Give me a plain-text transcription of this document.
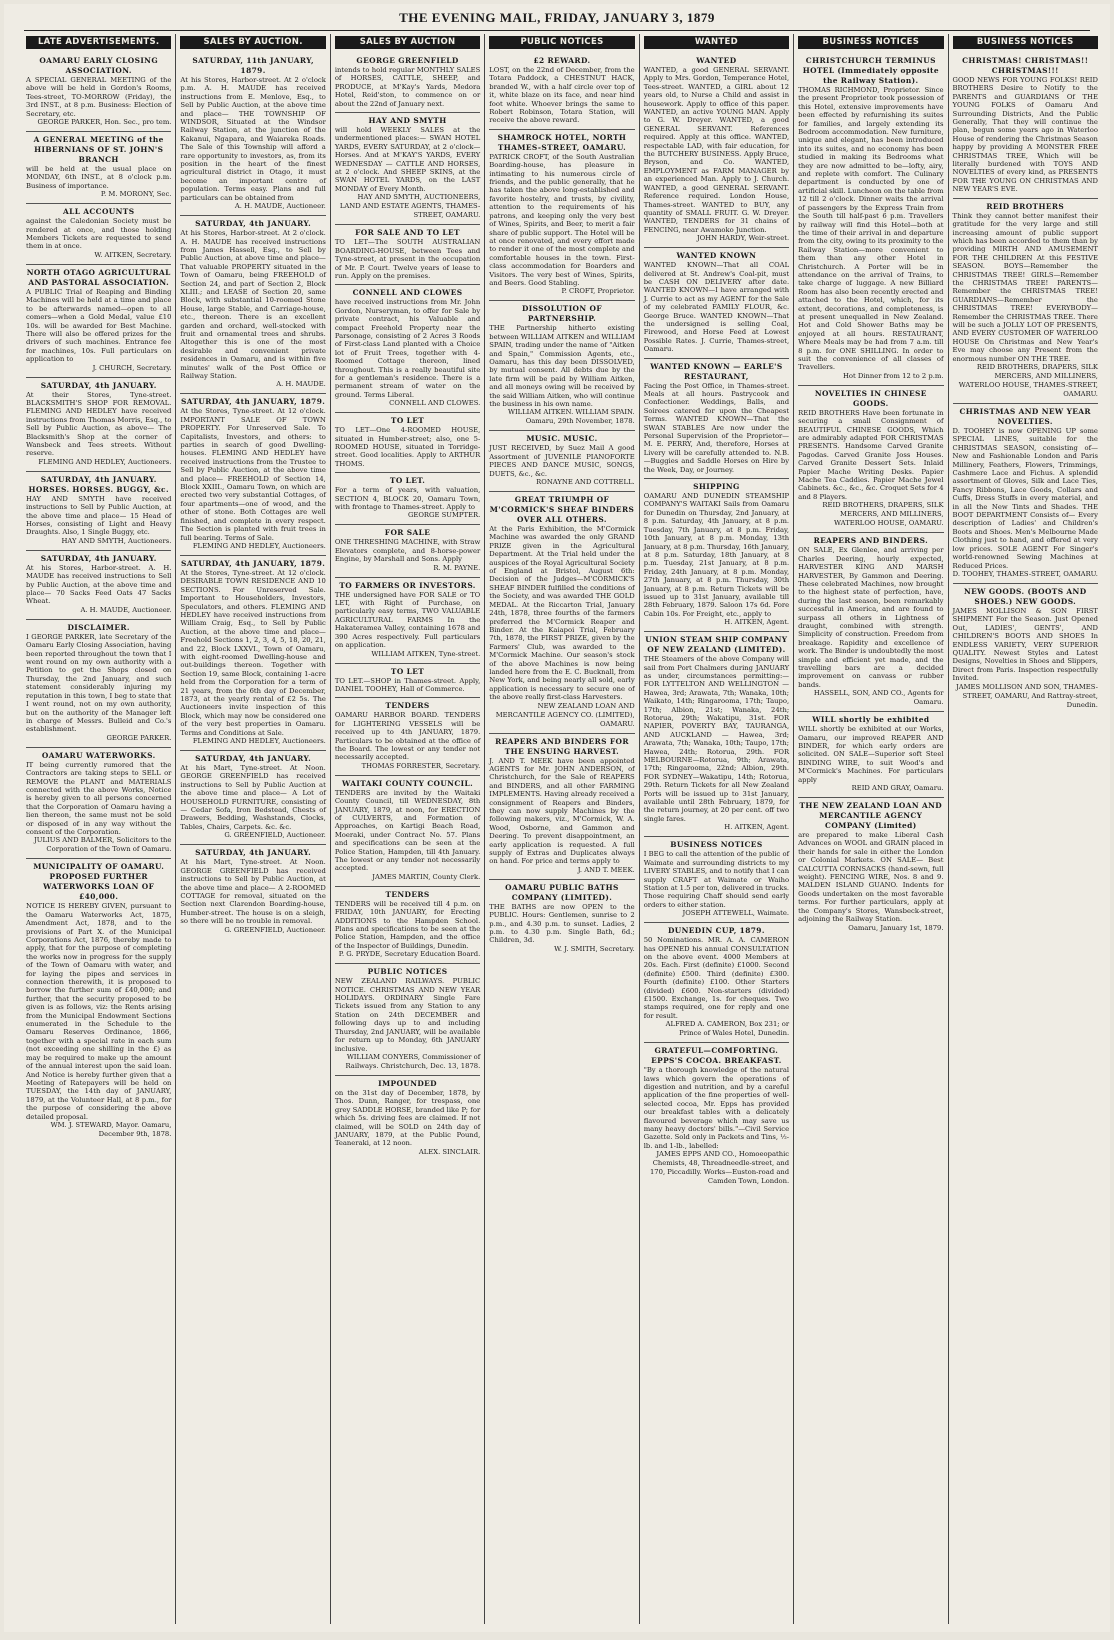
THE EVENING MAIL, FRIDAY, JANUARY 3, 1879
LATE ADVERTISEMENTS.
OAMARU EARLY CLOSING ASSOCIATION.
A SPECIAL GENERAL MEETING of the above will be held in Gordon's Rooms, Tees-street, TO-MORROW (Friday), the 3rd INST., at 8 p.m. Business: Election of Secretary, etc.
GEORGE PARKER, Hon. Sec., pro tem.
A GENERAL MEETING of the HIBERNIANS OF ST. JOHN'S BRANCH
will be held at the usual place on MONDAY, 6th INST., at 8 o'clock p.m. Business of importance.
P. M. MORONY, Sec.
ALL ACCOUNTS
against the Caledonian Society must be rendered at once, and those holding Members Tickets are requested to send them in at once.
W. AITKEN, Secretary.
NORTH OTAGO AGRICULTURAL AND PASTORAL ASSOCIATION.
A PUBLIC Trial of Reaping and Binding Machines will be held at a time and place to be afterwards named—open to all comers—when a Gold Medal, value £10 10s. will be awarded for Best Machine. There will also be offered prizes for the drivers of such machines. Entrance fee for machines, 10s. Full particulars on application to
J. CHURCH, Secretary.
SATURDAY, 4th JANUARY.
At their Stores, Tyne-street. BLACKSMITH'S SHOP FOR REMOVAL. FLEMING AND HEDLEY have received instructions from Thomas Morris, Esq., to Sell by Public Auction, as above— The Blacksmith's Shop at the corner of Wansbeck and Tees streets. Without reserve.
FLEMING AND HEDLEY, Auctioneers.
SATURDAY, 4th JANUARY. HORSES. HORSES. BUGGY, &c.
HAY AND SMYTH have received instructions to Sell by Public Auction, at the above time and place— 15 Head of Horses, consisting of Light and Heavy Draughts. Also, 1 Single Buggy, etc.
HAY AND SMYTH, Auctioneers.
SATURDAY, 4th JANUARY.
At his Stores, Harbor-street. A. H. MAUDE has received instructions to Sell by Public Auction, at the above time and place— 70 Sacks Feed Oats 47 Sacks Wheat.
A. H. MAUDE, Auctioneer.
DISCLAIMER.
I GEORGE PARKER, late Secretary of the Oamaru Early Closing Association, having been reported throughout the town that I went round on my own authority with a Petition to get the Shops closed on Thursday, the 2nd January, and such statement considerably injuring my reputation in this town, I beg to state that I went round, not on my own authority, but on the authority of the Manager left in charge of Messrs. Bulleid and Co.'s establishment.
GEORGE PARKER.
OAMARU WATERWORKS.
IT being currently rumored that the Contractors are taking steps to SELL or REMOVE the PLANT and MATERIALS connected with the above Works, Notice is hereby given to all persons concerned that the Corporation of Oamaru having a lien thereon, the same must not be sold or disposed of in any way without the consent of the Corporation.
JULIUS AND BALMER, Solicitors to the Corporation of the Town of Oamaru.
MUNICIPALITY OF OAMARU. PROPOSED FURTHER WATERWORKS LOAN OF £40,000.
NOTICE IS HEREBY GIVEN, pursuant to the Oamaru Waterworks Act, 1875, Amendment Act, 1878, and to the provisions of Part X. of the Municipal Corporations Act, 1876, thereby made to apply, that for the purpose of completing the works now in progress for the supply of the Town of Oamaru with water, and for laying the pipes and services in connection therewith, it is proposed to borrow the further sum of £40,000; and further, that the security proposed to be given is as follows, viz: the Rents arising from the Municipal Endowment Sections enumerated in the Schedule to the Oamaru Reserves Ordinance, 1866, together with a special rate in each sum (not exceeding one shilling in the £) as may be required to make up the amount of the annual interest upon the said loan. And Notice is hereby further given that a Meeting of Ratepayers will be held on TUESDAY, the 14th day of JANUARY, 1879, at the Volunteer Hall, at 8 p.m., for the purpose of considering the above detailed proposal.
WM. J. STEWARD, Mayor. Oamaru, December 9th, 1878.
SALES BY AUCTION.
SATURDAY, 11th JANUARY, 1879.
At his Stores, Harbor-street. At 2 o'clock p.m. A. H. MAUDE has received instructions from E. Menlove, Esq., to Sell by Public Auction, at the above time and place— THE TOWNSHIP OF WINDSOR, Situated at the Windsor Railway Station, at the junction of the Kakanui, Ngapara, and Waiareka Roads. The Sale of this Township will afford a rare opportunity to investors, as, from its position in the heart of the finest agricultural district in Otago, it must become an important centre of population. Terms easy. Plans and full particulars can be obtained from
A. H. MAUDE, Auctioneer.
SATURDAY, 4th JANUARY.
At his Stores, Harbor-street. At 2 o'clock. A. H. MAUDE has received instructions from James Hassell, Esq., to Sell by Public Auction, at above time and place— That valuable PROPERTY situated in the Town of Oamaru, being FREEHOLD of Section 24, and part of Section 2, Block XLIII.; and LEASE of Section 20, same Block, with substantial 10-roomed Stone House, large Stable, and Carriage-house, etc., thereon. There is an excellent garden and orchard, well-stocked with fruit and ornamental trees and shrubs. Altogether this is one of the most desirable and convenient private residences in Oamaru, and is within five minutes' walk of the Post Office or Railway Station.
A. H. MAUDE.
SATURDAY, 4th JANUARY, 1879.
At the Stores, Tyne-street. At 12 o'clock. IMPORTANT SALE OF TOWN PROPERTY. For Unreserved Sale. To Capitalists, Investors, and others: to parties in search of good Dwelling-houses. FLEMING AND HEDLEY have received instructions from the Trustee to Sell by Public Auction, at the above time and place— FREEHOLD of Section 14, Block XXIII., Oamaru Town, on which are erected two very substantial Cottages, of four apartments—one of wood, and the other of stone. Both Cottages are well finished, and complete in every respect. The Section is planted with fruit trees in full bearing. Terms of Sale.
FLEMING AND HEDLEY, Auctioneers.
SATURDAY, 4th JANUARY, 1879.
At the Stores, Tyne-street. At 12 o'clock. DESIRABLE TOWN RESIDENCE AND 10 SECTIONS. For Unreserved Sale. Important to Householders, Investors, Speculators, and others. FLEMING AND HEDLEY have received instructions from William Craig, Esq., to Sell by Public Auction, at the above time and place— Freehold Sections 1, 2, 3, 4, 5, 18, 20, 21, and 22, Block LXXVI., Town of Oamaru, with eight-roomed Dwelling-house and out-buildings thereon. Together with Section 19, same Block, containing 1-acre held from the Corporation for a term of 21 years, from the 6th day of December, 1873, at the yearly rental of £2 5s. The Auctioneers invite inspection of this Block, which may now be considered one of the very best properties in Oamaru. Terms and Conditions at Sale.
FLEMING AND HEDLEY, Auctioneers.
SATURDAY, 4th JANUARY.
At his Mart, Tyne-street. At Noon. GEORGE GREENFIELD has received instructions to Sell by Public Auction at the above time and place— A Lot of HOUSEHOLD FURNITURE, consisting of— Cedar Sofa, Iron Bedstead, Chests of Drawers, Bedding, Washstands, Clocks, Tables, Chairs, Carpets. &c. &c.
G. GREENFIELD, Auctioneer.
SATURDAY, 4th JANUARY.
At his Mart, Tyne-street. At Noon. GEORGE GREENFIELD has received instructions to Sell by Public Auction, at the above time and place— A 2-ROOMED COTTAGE for removal, situated on the Section next Clarendon Boarding-house, Humber-street. The house is on a sleigh, so there will be no trouble in removal.
G. GREENFIELD, Auctioneer.
SALES BY AUCTION
GEORGE GREENFIELD
intends to hold regular MONTHLY SALES of HORSES, CATTLE, SHEEP, and PRODUCE, at M'Kay's Yards, Medora Hotel, Reid'ston, to commence on or about the 22nd of January next.
HAY AND SMYTH
will hold WEEKLY SALES at the undermentioned places:— SWAN HOTEL YARDS, EVERY SATURDAY, at 2 o'clock—Horses. And at M'KAY'S YARDS, EVERY WEDNESDAY — CATTLE AND HORSES, at 2 o'clock. And SHEEP SKINS, at the SWAN HOTEL YARDS, on the LAST MONDAY of Every Month.
HAY AND SMYTH, AUCTIONEERS, LAND AND ESTATE AGENTS, THAMES-STREET, OAMARU.
FOR SALE AND TO LET
TO LET—The SOUTH AUSTRALIAN BOARDING-HOUSE, between Tees and Tyne-street, at present in the occupation of Mr. P. Court. Twelve years of lease to run. Apply on the premises.
CONNELL AND CLOWES
have received instructions from Mr. John Gordon, Nurseryman, to offer for Sale by private contract, his Valuable and compact Freehold Property near the Parsonage, consisting of 2 Acres 3 Roods of First-class Land planted with a Choice lot of Fruit Trees, together with 4-Roomed Cottage thereon, lined throughout. This is a really beautiful site for a gentleman's residence. There is a permanent stream of water on the ground. Terms Liberal.
CONNELL AND CLOWES.
TO LET
TO LET—One 4-ROOMED HOUSE, situated in Humber-street; also, one 5-ROOMED HOUSE, situated in Torridge-street. Good localities. Apply to ARTHUR THOMS.
TO LET.
For a term of years, with valuation, SECTION 4, BLOCK 20, Oamaru Town, with frontage to Thames-street. Apply to
GEORGE SUMPTER.
FOR SALE
ONE THRESHING MACHINE, with Straw Elevators complete, and 8-horse-power Engine, by Marshall and Sons. Apply
R. M. PAYNE.
TO FARMERS OR INVESTORS.
THE undersigned have FOR SALE or TO LET, with Right of Purchase, on particularly easy terms, TWO VALUABLE AGRICULTURAL FARMS In the Hakateramea Valley, containing 1678 and 390 Acres respectively. Full particulars on application.
WILLIAM AITKEN, Tyne-street.
TO LET
TO LET.—SHOP in Thames-street. Apply, DANIEL TOOHEY, Hall of Commerce.
TENDERS
OAMARU HARBOR BOARD. TENDERS for LIGHTERING VESSELS will be received up to 4th JANUARY, 1879. Particulars to be obtained at the office of the Board. The lowest or any tender not necessarily accepted.
THOMAS FORRESTER, Secretary.
WAITAKI COUNTY COUNCIL.
TENDERS are invited by the Waitaki County Council, till WEDNESDAY, 8th JANUARY, 1879, at noon, for ERECTION of CULVERTS, and Formation of Approaches, on Kartigi Beach Road, Moeraki, under Contract No. 57. Plans and specifications can be seen at the Police Station, Hampden, till 4th January. The lowest or any tender not necessarily accepted.
JAMES MARTIN, County Clerk.
TENDERS
TENDERS will be received till 4 p.m. on FRIDAY, 10th JANUARY, for Erecting ADDITIONS to the Hampden School. Plans and specifications to be seen at the Police Station, Hampden, and the office of the Inspector of Buildings, Dunedin.
P. G. PRYDE, Secretary Education Board.
PUBLIC NOTICES
NEW ZEALAND RAILWAYS. PUBLIC NOTICE. CHRISTMAS AND NEW YEAR HOLIDAYS. ORDINARY Single Fare Tickets issued from any Station to any Station on 24th DECEMBER and following days up to and including Thursday, 2nd JANUARY, will be available for return up to Monday, 6th JANUARY inclusive.
WILLIAM CONYERS, Commissioner of Railways. Christchurch, Dec. 13, 1878.
IMPOUNDED
on the 31st day of December, 1878, by Thos. Dunn, Ranger, for trespass, one grey SADDLE HORSE, branded like P; for which 5s. driving fees are claimed. If not claimed, will be SOLD on 24th day of JANUARY, 1879, at the Public Pound, Teaneraki, at 12 noon.
ALEX. SINCLAIR.
PUBLIC NOTICES
£2 REWARD.
LOST, on the 22nd of December, from the Totara Paddock, a CHESTNUT HACK, branded W., with a half circle over top of it, white blaze on its face, and near hind foot white. Whoever brings the same to Robert Robinson, Totara Station, will receive the above reward.
SHAMROCK HOTEL, NORTH THAMES-STREET, OAMARU.
PATRICK CROFT, of the South Australian Boarding-house, has pleasure in intimating to his numerous circle of friends, and the public generally, that he has taken the above long-established and favorite hostelry, and trusts, by civility, attention to the requirements of his patrons, and keeping only the very best of Wines, Spirits, and Beer, to merit a fair share of public support. The Hotel will be at once renovated, and every effort made to render it one of the most complete and comfortable houses in the town. First-class accommodation for Boarders and Visitors. The very best of Wines, Spirits, and Beers. Good Stabling.
P. CROFT, Proprietor.
DISSOLUTION OF PARTNERSHIP.
THE Partnership hitherto existing between WILLIAM AITKEN and WILLIAM SPAIN, trading under the name of "Aitken and Spain," Commission Agents, etc., Oamaru, has this day been DISSOLVED, by mutual consent. All debts due by the late firm will be paid by William Aitken, and all moneys owing will be received by the said William Aitken, who will continue the business in his own name.
WILLIAM AITKEN. WILLIAM SPAIN. Oamaru, 29th November, 1878.
MUSIC. MUSIC.
JUST RECEIVED, by Suez Mail A good Assortment of JUVENILE PIANOFORTE PIECES AND DANCE MUSIC, SONGS, DUETS, &c., &c.
RONAYNE AND COTTRELL.
GREAT TRIUMPH OF M'CORMICK'S SHEAF BINDERS OVER ALL OTHERS.
At the Paris Exhibition, the M'Cormick Machine was awarded the only GRAND PRIZE given in the Agricultural Department. At the Trial held under the auspices of the Royal Agricultural Society of England at Bristol, August 6th: Decision of the Judges—M'CORMICK'S SHEAF BINDER fulfilled the conditions of the Society, and was awarded THE GOLD MEDAL. At the Riccarton Trial, January 24th, 1878, three fourths of the farmers preferred the M'Cormick Reaper and Binder. At the Kaiapoi Trial, February 7th, 1878, the FIRST PRIZE, given by the Farmers' Club, was awarded to the M'Cormick Machine. Our season's stock of the above Machines is now being landed here from the E. C. Bucknall, from New York, and being nearly all sold, early application is necessary to secure one of the above really first-class Harvesters.
NEW ZEALAND LOAN AND MERCANTILE AGENCY CO. (LIMITED), OAMARU.
REAPERS AND BINDERS FOR THE ENSUING HARVEST.
J. AND T. MEEK have been appointed AGENTS for Mr. JOHN ANDERSON, of Christchurch, for the Sale of REAPERS and BINDERS, and all other FARMING IMPLEMENTS. Having already received a consignment of Reapers and Binders, they can now supply Machines by the following makers, viz., M'Cormick, W. A. Wood, Osborne, and Gammon and Deering. To prevent disappointment, an early application is requested. A full supply of Extras and Duplicates always on hand. For price and terms apply to
J. AND T. MEEK.
OAMARU PUBLIC BATHS COMPANY (LIMITED).
THE BATHS are now OPEN to the PUBLIC. Hours: Gentlemen, sunrise to 2 p.m., and 4.30 p.m. to sunset. Ladies, 2 p.m. to 4.30 p.m. Single Bath, 6d.; Children, 3d.
W. J. SMITH, Secretary.
WANTED
WANTED
WANTED, a good GENERAL SERVANT. Apply to Mrs. Gordon, Temperance Hotel, Tees-street. WANTED, a GIRL about 12 years old, to Nurse a Child and assist in housework. Apply to office of this paper. WANTED, an active YOUNG MAN. Apply to G. W. Dreyer. WANTED, a good GENERAL SERVANT. References required. Apply at this office. WANTED, respectable LAD, with fair education, for the BUTCHERY BUSINESS. Apply Bruce, Bryson, and Co. WANTED, EMPLOYMENT as FARM MANAGER by an experienced Man. Apply to J. Church. WANTED, a good GENERAL SERVANT. Reference required. London House, Thames-street. WANTED to BUY, any quantity of SMALL FRUIT. G. W. Dreyer. WANTED, TENDERS for 31 chains of FENCING, near Awamoko Junction.
JOHN HARDY, Weir-street.
WANTED KNOWN
WANTED KNOWN—That all COAL delivered at St. Andrew's Coal-pit, must be CASH ON DELIVERY after date. WANTED KNOWN—I have arranged with J. Currie to act as my AGENT for the Sale of my celebrated FAMILY FLOUR, &c. George Bruce. WANTED KNOWN—That the undersigned is selling Coal, Firewood, and Horse Feed at Lowest Possible Rates. J. Currie, Thames-street, Oamaru.
WANTED KNOWN — EARLE'S RESTAURANT,
Facing the Post Office, in Thames-street. Meals at all hours. Pastrycook and Confectioner. Weddings, Balls, and Soirees catered for upon the Cheapest Terms. WANTED KNOWN—That the SWAN STABLES Are now under the Personal Supervision of the Proprietor— M. E. PERRY, And, therefore, Horses at Livery will be carefully attended to. N.B.—Buggies and Saddle Horses on Hire by the Week, Day, or Journey.
SHIPPING
OAMARU AND DUNEDIN STEAMSHIP COMPANY'S WAITAKI Sails from Oamaru for Dunedin on Thursday, 2nd January, at 8 p.m. Saturday, 4th January, at 8 p.m. Tuesday, 7th January, at 8 p.m. Friday, 10th January, at 8 p.m. Monday, 13th January, at 8 p.m. Thursday, 16th January, at 8 p.m. Saturday, 18th January, at 8 p.m. Tuesday, 21st January, at 8 p.m. Friday, 24th January, at 8 p.m. Monday, 27th January, at 8 p.m. Thursday, 30th January, at 8 p.m. Return Tickets will be issued up to 31st January, available till 28th February, 1879. Saloon 17s 6d. Fore Cabin 10s. For Freight, etc., apply to
H. AITKEN, Agent.
UNION STEAM SHIP COMPANY OF NEW ZEALAND (LIMITED).
THE Steamers of the above Company will sail from Port Chalmers during JANUARY as under, circumstances permitting:— FOR LYTTELTON AND WELLINGTON —Hawea, 3rd; Arawata, 7th; Wanaka, 10th; Waikato, 14th; Ringarooma, 17th; Taupo, 17th; Albion, 21st; Wanaka, 24th; Rotorua, 29th; Wakatipu, 31st. FOR NAPIER, POVERTY BAY, TAURANGA, AND AUCKLAND — Hawea, 3rd; Arawata, 7th; Wanaka, 10th; Taupo, 17th; Hawea, 24th; Rotorua, 29th. FOR MELBOURNE—Rotorua, 9th; Arawata, 17th; Ringarooma, 22nd; Albion, 29th. FOR SYDNEY—Wakatipu, 14th; Rotorua, 29th. Return Tickets for all New Zealand Ports will be issued up to 31st January, available until 28th February, 1879, for the return journey, at 20 per cent. off two single fares.
H. AITKEN, Agent.
BUSINESS NOTICES
I BEG to call the attention of the public of Waimate and surrounding districts to my LIVERY STABLES, and to notify that I can supply CRAFT at Waimate or Waiho Station at 1.5 per ton, delivered in trucks. Those requiring Chaff should send early orders to either station.
JOSEPH ATTEWELL, Waimate.
DUNEDIN CUP, 1879.
50 Nominations. MR. A. A. CAMERON has OPENED his annual CONSULTATION on the above event. 4000 Members at 20s. Each. First (definite) £1000. Second (definite) £500. Third (definite) £300. Fourth (definite) £100. Other Starters (divided) £600. Non-starters (divided) £1500. Exchange, 1s. for cheques. Two stamps required, one for reply and one for result.
ALFRED A. CAMERON, Box 231; or Prince of Wales Hotel, Dunedin.
GRATEFUL—COMFORTING. EPPS'S COCOA. BREAKFAST.
"By a thorough knowledge of the natural laws which govern the operations of digestion and nutrition, and by a careful application of the fine properties of well-selected cocoa, Mr. Epps has provided our breakfast tables with a delicately flavoured beverage which may save us many heavy doctors' bills."—Civil Service Gazette. Sold only in Packets and Tins, ½-lb. and 1-lb., labelled:
JAMES EPPS AND CO., Homoeopathic Chemists, 48, Threadneedle-street, and 170, Piccadilly. Works—Euston-road and Camden Town, London.
BUSINESS NOTICES
CHRISTCHURCH TERMINUS HOTEL (Immediately opposite the Railway Station).
THOMAS RICHMOND, Proprietor. Since the present Proprietor took possession of this Hotel, extensive improvements have been effected by refurnishing its suites for families, and largely extending its Bedroom accommodation. New furniture, unique and elegant, has been introduced into its suites, and no economy has been studied in making its Bedrooms what they are now admitted to be—lofty, airy, and replete with comfort. The Culinary department is conducted by one of artificial skill. Luncheon on the table from 12 till 2 o'clock. Dinner waits the arrival of passengers by the Express Train from the South till half-past 6 p.m. Travellers by railway will find this Hotel—both at the time of their arrival in and departure from the city, owing to its proximity to the Railway Station—more convenient to them than any other Hotel in Christchurch. A Porter will be in attendance on the arrival of Trains, to take charge of luggage. A new Billiard Room has also been recently erected and attached to the Hotel, which, for its extent, decorations, and completeness, is at present unequalled in New Zealand. Hot and Cold Shower Baths may be enjoyed at all hours. RESTAURANT, Where Meals may be had from 7 a.m. till 8 p.m. for ONE SHILLING. In order to suit the convenience of all classes of Travellers.
Hot Dinner from 12 to 2 p.m.
NOVELTIES IN CHINESE GOODS.
REID BROTHERS Have been fortunate in securing a small Consignment of BEAUTIFUL CHINESE GOODS, Which are admirably adapted FOR CHRISTMAS PRESENTS. Handsome Carved Granite Pagodas. Carved Granite Joss Houses. Carved Granite Dessert Sets. Inlaid Papier Mache Writing Desks. Papier Mache Tea Caddies. Papier Mache Jewel Cabinets. &c., &c., &c. Croquet Sets for 4 and 8 Players.
REID BROTHERS, DRAPERS, SILK MERCERS, AND MILLINERS, WATERLOO HOUSE, OAMARU.
REAPERS AND BINDERS.
ON SALE, Ex Glenlee, and arriving per Charles Deering, hourly expected, HARVESTER KING AND MARSH HARVESTER, By Gammon and Deering. These celebrated Machines, now brought to the highest state of perfection, have, during the last season, been remarkably successful in America, and are found to surpass all others in Lightness of draught, combined with strength. Simplicity of construction. Freedom from breakage. Rapidity and excellence of work. The Binder is undoubtedly the most simple and efficient yet made, and the travelling bars are a decided improvement on canvass or rubber bands.
HASSELL, SON, AND CO., Agents for Oamaru.
WILL shortly be exhibited
WILL shortly be exhibited at our Works, Oamaru, our improved REAPER AND BINDER, for which early orders are solicited. ON SALE—Superior soft Steel BINDING WIRE, to suit Wood's and M'Cormick's Machines. For particulars apply
REID AND GRAY, Oamaru.
THE NEW ZEALAND LOAN AND MERCANTILE AGENCY COMPANY (Limited)
are prepared to make Liberal Cash Advances on WOOL and GRAIN placed in their hands for sale in either the London or Colonial Markets. ON SALE— Best CALCUTTA CORNSACKS (hand-sewn, full weight). FENCING WIRE, Nos. 8 and 9. MALDEN ISLAND GUANO. Indents for Goods undertaken on the most favorable terms. For further particulars, apply at the Company's Stores, Wansbeck-street, adjoining the Railway Station.
Oamaru, January 1st, 1879.
BUSINESS NOTICES
CHRISTMAS! CHRISTMAS!! CHRISTMAS!!!
GOOD NEWS FOR YOUNG FOLKS! REID BROTHERS Desire to Notify to the PARENTS and GUARDIANS Of THE YOUNG FOLKS of Oamaru And Surrounding Districts, And the Public Generally, That they will continue the plan, begun some years ago in Waterloo House of rendering the Christmas Season happy by providing A MONSTER FREE CHRISTMAS TREE, Which will be literally burdened with TOYS AND NOVELTIES of every kind, as PRESENTS FOR THE YOUNG ON CHRISTMAS AND NEW YEAR'S EVE.
REID BROTHERS
Think they cannot better manifest their gratitude for the very large and still increasing amount of public support which has been accorded to them than by providing MIRTH AND AMUSEMENT FOR THE CHILDREN At this FESTIVE SEASON. BOYS—Remember the CHRISTMAS TREE! GIRLS—Remember the CHRISTMAS TREE! PARENTS—Remember the CHRISTMAS TREE! GUARDIANS—Remember the CHRISTMAS TREE! EVERYBODY—Remember the CHRISTMAS TREE. There will be such a JOLLY LOT OF PRESENTS, AND EVERY CUSTOMER OF WATERLOO HOUSE On Christmas and New Year's Eve may choose any Present from the enormous number ON THE TREE.
REID BROTHERS, DRAPERS, SILK MERCERS, AND MILLINERS, WATERLOO HOUSE, THAMES-STREET, OAMARU.
CHRISTMAS AND NEW YEAR NOVELTIES.
D. TOOHEY is now OPENING UP some SPECIAL LINES, suitable for the CHRISTMAS SEASON, consisting of— New and Fashionable London and Paris Millinery, Feathers, Flowers, Trimmings, Cashmere Lace and Fichus. A splendid assortment of Gloves, Silk and Lace Ties, Fancy Ribbons, Lace Goods, Collars and Cuffs, Dress Stuffs in every material, and in all the New Tints and Shades. THE BOOT DEPARTMENT Consists of— Every description of Ladies' and Children's Boots and Shoes. Men's Melbourne Made Clothing just to hand, and offered at very low prices. SOLE AGENT For Singer's world-renowned Sewing Machines at Reduced Prices.
D. TOOHEY, THAMES-STREET, OAMARU.
NEW GOODS. (BOOTS AND SHOES.) NEW GOODS.
JAMES MOLLISON & SON FIRST SHIPMENT For the Season. Just Opened Out, LADIES', GENTS', AND CHILDREN'S BOOTS AND SHOES In ENDLESS VARIETY, VERY SUPERIOR QUALITY. Newest Styles and Latest Designs, Novelties in Shoes and Slippers, Direct from Paris. Inspection respectfully Invited.
JAMES MOLLISON AND SON, THAMES-STREET, OAMARU, And Rattray-street, Dunedin.
